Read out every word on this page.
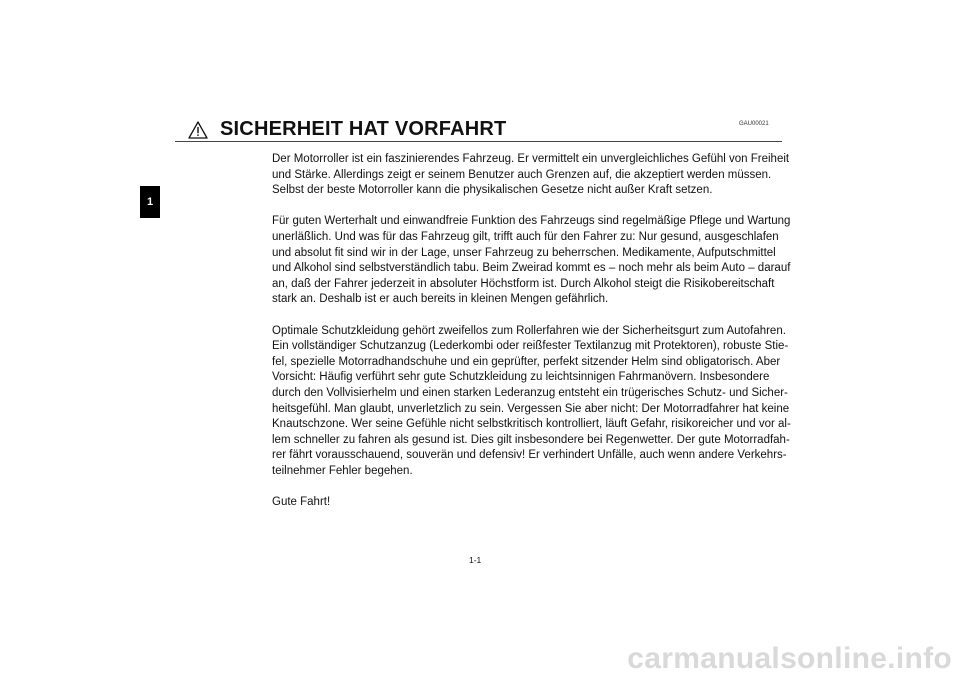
1
SICHERHEIT HAT VORFAHRT	GAU00021

Der Motorroller ist ein faszinierendes Fahrzeug. Er vermittelt ein unvergleichliches Gefühl von Freiheit
und Stärke. Allerdings zeigt er seinem Benutzer auch Grenzen auf, die akzeptiert werden müssen.
Selbst der beste Motorroller kann die physikalischen Gesetze nicht außer Kraft setzen.

Für guten Werterhalt und einwandfreie Funktion des Fahrzeugs sind regelmäßige Pflege und Wartung
unerläßlich. Und was für das Fahrzeug gilt, trifft auch für den Fahrer zu: Nur gesund, ausgeschlafen
und absolut fit sind wir in der Lage, unser Fahrzeug zu beherrschen. Medikamente, Aufputschmittel
und Alkohol sind selbstverständlich tabu. Beim Zweirad kommt es – noch mehr als beim Auto – darauf
an, daß der Fahrer jederzeit in absoluter Höchstform ist. Durch Alkohol steigt die Risikobereitschaft
stark an. Deshalb ist er auch bereits in kleinen Mengen gefährlich.

Optimale Schutzkleidung gehört zweifellos zum Rollerfahren wie der Sicherheitsgurt zum Autofahren.
Ein vollständiger Schutzanzug (Lederkombi oder reißfester Textilanzug mit Protektoren), robuste Stie-
fel, spezielle Motorradhandschuhe und ein geprüfter, perfekt sitzender Helm sind obligatorisch. Aber
Vorsicht: Häufig verführt sehr gute Schutzkleidung zu leichtsinnigen Fahrmanövern. Insbesondere
durch den Vollvisierhelm und einen starken Lederanzug entsteht ein trügerisches Schutz- und Sicher-
heitsgefühl. Man glaubt, unverletzlich zu sein. Vergessen Sie aber nicht: Der Motorradfahrer hat keine
Knautschzone. Wer seine Gefühle nicht selbstkritisch kontrolliert, läuft Gefahr, risikoreicher und vor al-
lem schneller zu fahren als gesund ist. Dies gilt insbesondere bei Regenwetter. Der gute Motorradfah-
rer fährt vorausschauend, souverän und defensiv! Er verhindert Unfälle, auch wenn andere Verkehrs-
teilnehmer Fehler begehen.

Gute Fahrt!

1-1
carmanualsonline.info
